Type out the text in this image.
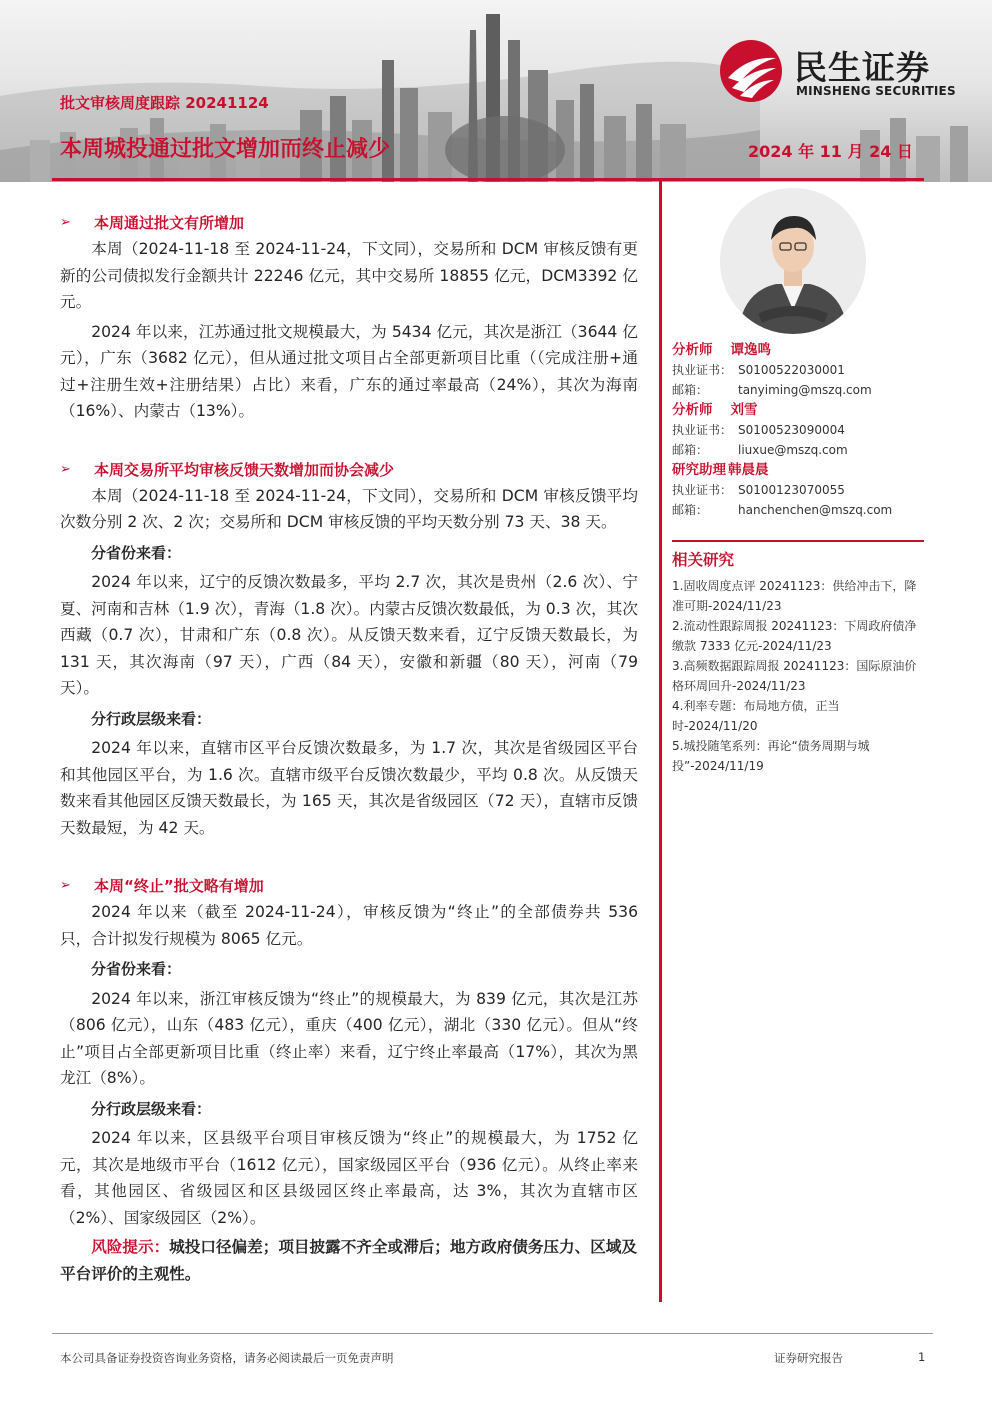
民生证券
MINSHENG SECURITIES
批文审核周度跟踪 20241124
本周城投通过批文增加而终止减少	2024 年 11 月 24 日
➢ 本周通过批文有所增加

本周（2024-11-18 至 2024-11-24，下文同），交易所和 DCM 审核反馈有更新的公司债拟发行金额共计 22246 亿元，其中交易所 18855 亿元，DCM3392 亿元。

2024 年以来，江苏通过批文规模最大，为 5434 亿元，其次是浙江（3644 亿元），广东（3682 亿元），但从通过批文项目占全部更新项目比重（（完成注册+通过+注册生效+注册结果）占比）来看，广东的通过率最高（24%），其次为海南（16%）、内蒙古（13%）。

➢ 本周交易所平均审核反馈天数增加而协会减少

本周（2024-11-18 至 2024-11-24，下文同），交易所和 DCM 审核反馈平均次数分别 2 次、2 次；交易所和 DCM 审核反馈的平均天数分别 73 天、38 天。

分省份来看：

2024 年以来，辽宁的反馈次数最多，平均 2.7 次，其次是贵州（2.6 次）、宁夏、河南和吉林（1.9 次），青海（1.8 次）。内蒙古反馈次数最低，为 0.3 次，其次西藏（0.7 次），甘肃和广东（0.8 次）。从反馈天数来看，辽宁反馈天数最长，为 131 天，其次海南（97 天），广西（84 天），安徽和新疆（80 天），河南（79 天）。

分行政层级来看：

2024 年以来，直辖市区平台反馈次数最多，为 1.7 次，其次是省级园区平台和其他园区平台，为 1.6 次。直辖市级平台反馈次数最少，平均 0.8 次。从反馈天数来看其他园区反馈天数最长，为 165 天，其次是省级园区（72 天），直辖市反馈天数最短，为 42 天。

➢ 本周“终止”批文略有增加

2024 年以来（截至 2024-11-24），审核反馈为“终止”的全部债券共 536 只，合计拟发行规模为 8065 亿元。

分省份来看：

2024 年以来，浙江审核反馈为“终止”的规模最大，为 839 亿元，其次是江苏（806 亿元），山东（483 亿元），重庆（400 亿元），湖北（330 亿元）。但从“终止”项目占全部更新项目比重（终止率）来看，辽宁终止率最高（17%），其次为黑龙江（8%）。

分行政层级来看：

2024 年以来，区县级平台项目审核反馈为“终止”的规模最大，为 1752 亿元，其次是地级市平台（1612 亿元），国家级园区平台（936 亿元）。从终止率来看，其他园区、省级园区和区县级园区终止率最高，达 3%，其次为直辖市区（2%）、国家级园区（2%）。

风险提示：城投口径偏差；项目披露不齐全或滞后；地方政府债务压力、区域及平台评价的主观性。

分析师 谭逸鸣
执业证书： S0100522030001
邮箱： tanyiming@mszq.com
分析师 刘雪
执业证书： S0100523090004
邮箱： liuxue@mszq.com
研究助理 韩晨晨
执业证书： S0100123070055
邮箱： hanchenchen@mszq.com
相关研究
1.固收周度点评 20241123：供给冲击下，降准可期-2024/11/23
2.流动性跟踪周报 20241123：下周政府债净缴款 7333 亿元-2024/11/23
3.高频数据跟踪周报 20241123：国际原油价格环周回升-2024/11/23
4.利率专题：布局地方债，正当时-2024/11/20
5.城投随笔系列：再论“债务周期与城投”-2024/11/19
本公司具备证券投资咨询业务资格，请务必阅读最后一页免责声明	证券研究报告	1
